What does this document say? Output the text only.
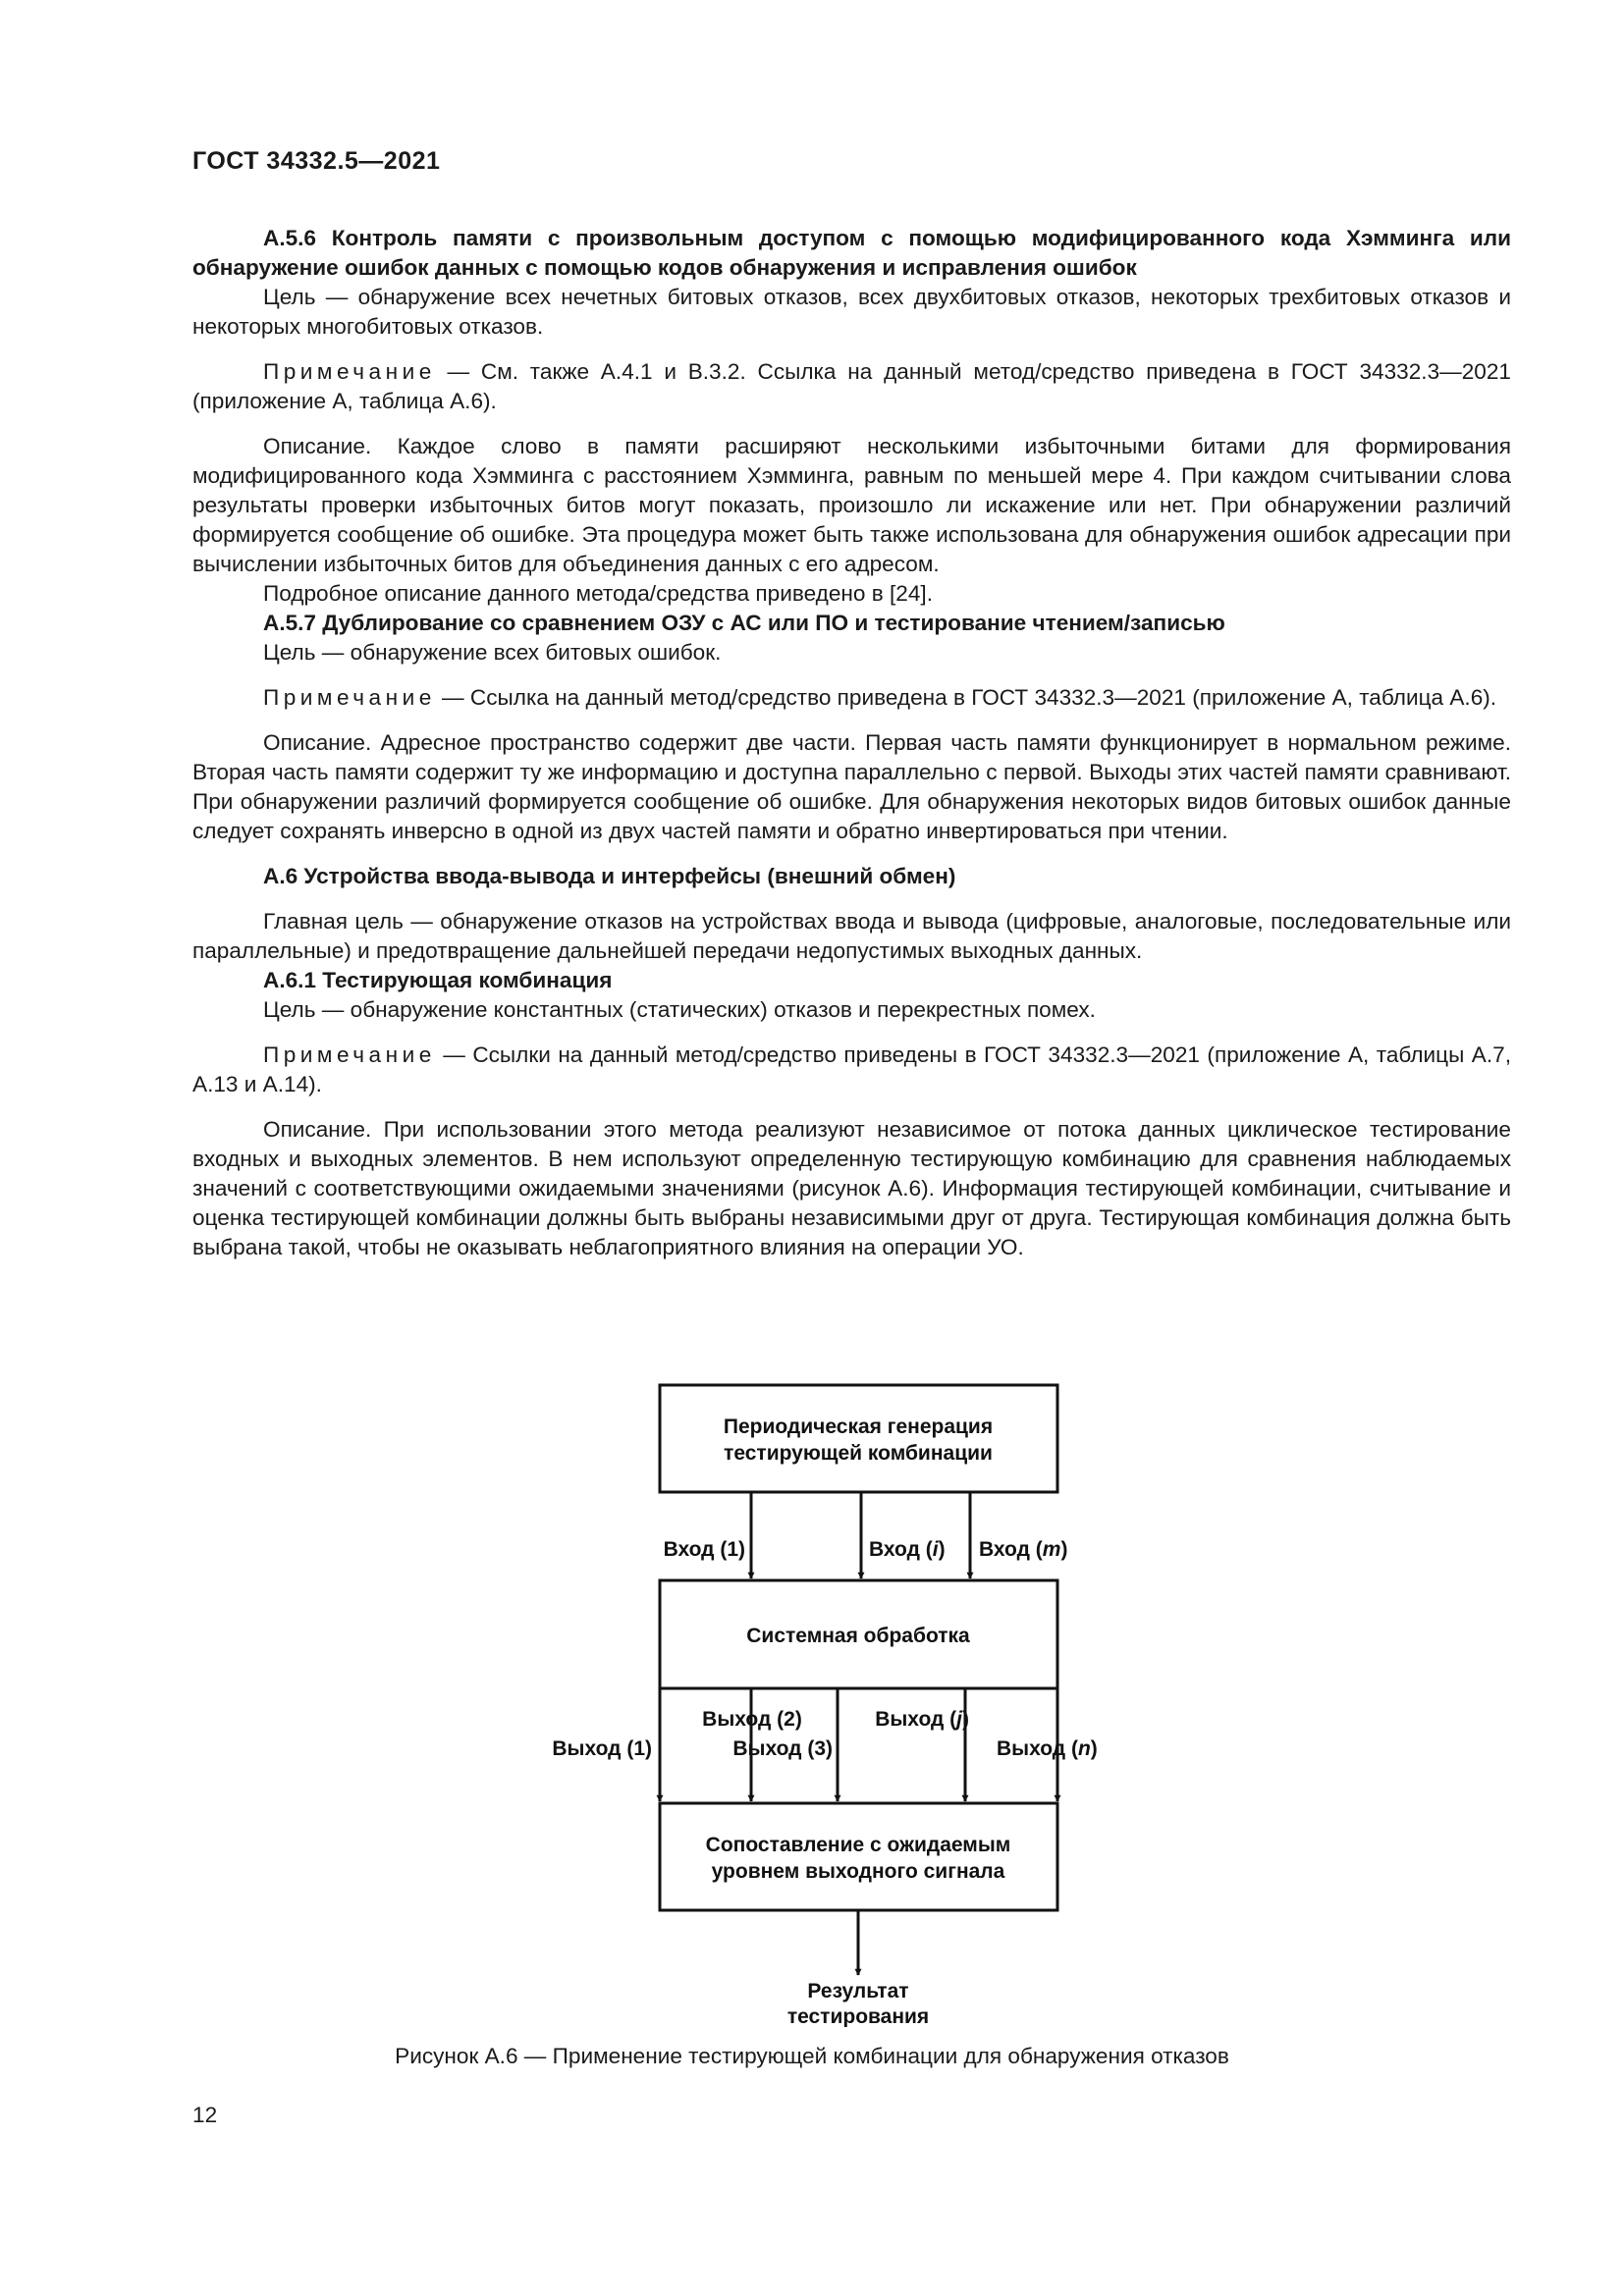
ГОСТ 34332.5—2021

А.5.6 Контроль памяти с произвольным доступом с помощью модифицированного кода Хэмминга или обнаружение ошибок данных с помощью кодов обнаружения и исправления ошибок

Цель — обнаружение всех нечетных битовых отказов, всех двухбитовых отказов, некоторых трехбитовых отказов и некоторых многобитовых отказов.

Примечание — См. также А.4.1 и В.3.2. Ссылка на данный метод/средство приведена в ГОСТ 34332.3—2021 (приложение А, таблица А.6).

Описание. Каждое слово в памяти расширяют несколькими избыточными битами для формирования модифицированного кода Хэмминга с расстоянием Хэмминга, равным по меньшей мере 4. При каждом считывании слова результаты проверки избыточных битов могут показать, произошло ли искажение или нет. При обнаружении различий формируется сообщение об ошибке. Эта процедура может быть также использована для обнаружения ошибок адресации при вычислении избыточных битов для объединения данных с его адресом.

Подробное описание данного метода/средства приведено в [24].

А.5.7 Дублирование со сравнением ОЗУ с АС или ПО и тестирование чтением/записью

Цель — обнаружение всех битовых ошибок.

Примечание — Ссылка на данный метод/средство приведена в ГОСТ 34332.3—2021 (приложение А, таблица А.6).

Описание. Адресное пространство содержит две части. Первая часть памяти функционирует в нормальном режиме. Вторая часть памяти содержит ту же информацию и доступна параллельно с первой. Выходы этих частей памяти сравнивают. При обнаружении различий формируется сообщение об ошибке. Для обнаружения некоторых видов битовых ошибок данные следует сохранять инверсно в одной из двух частей памяти и обратно инвертироваться при чтении.

А.6 Устройства ввода-вывода и интерфейсы (внешний обмен)

Главная цель — обнаружение отказов на устройствах ввода и вывода (цифровые, аналоговые, последовательные или параллельные) и предотвращение дальнейшей передачи недопустимых выходных данных.

А.6.1 Тестирующая комбинация

Цель — обнаружение константных (статических) отказов и перекрестных помех.

Примечание — Ссылки на данный метод/средство приведены в ГОСТ 34332.3—2021 (приложение А, таблицы А.7, А.13 и А.14).

Описание. При использовании этого метода реализуют независимое от потока данных циклическое тестирование входных и выходных элементов. В нем используют определенную тестирующую комбинацию для сравнения наблюдаемых значений с соответствующими ожидаемыми значениями (рисунок А.6). Информация тестирующей комбинации, считывание и оценка тестирующей комбинации должны быть выбраны независимыми друг от друга. Тестирующая комбинация должна быть выбрана такой, чтобы не оказывать неблагоприятного влияния на операции УО.

Периодическая генерация
тестирующей комбинации
Вход (1)	Вход (i) Вход (m)
Системная обработка
Выход (2)	Выход (j)
Выход (1)	Выход (3)	Выход (n)
Сопоставление с ожидаемым
уровнем выходного сигнала
Результат
тестирования
Рисунок А.6 — Применение тестирующей комбинации для обнаружения отказов
12
